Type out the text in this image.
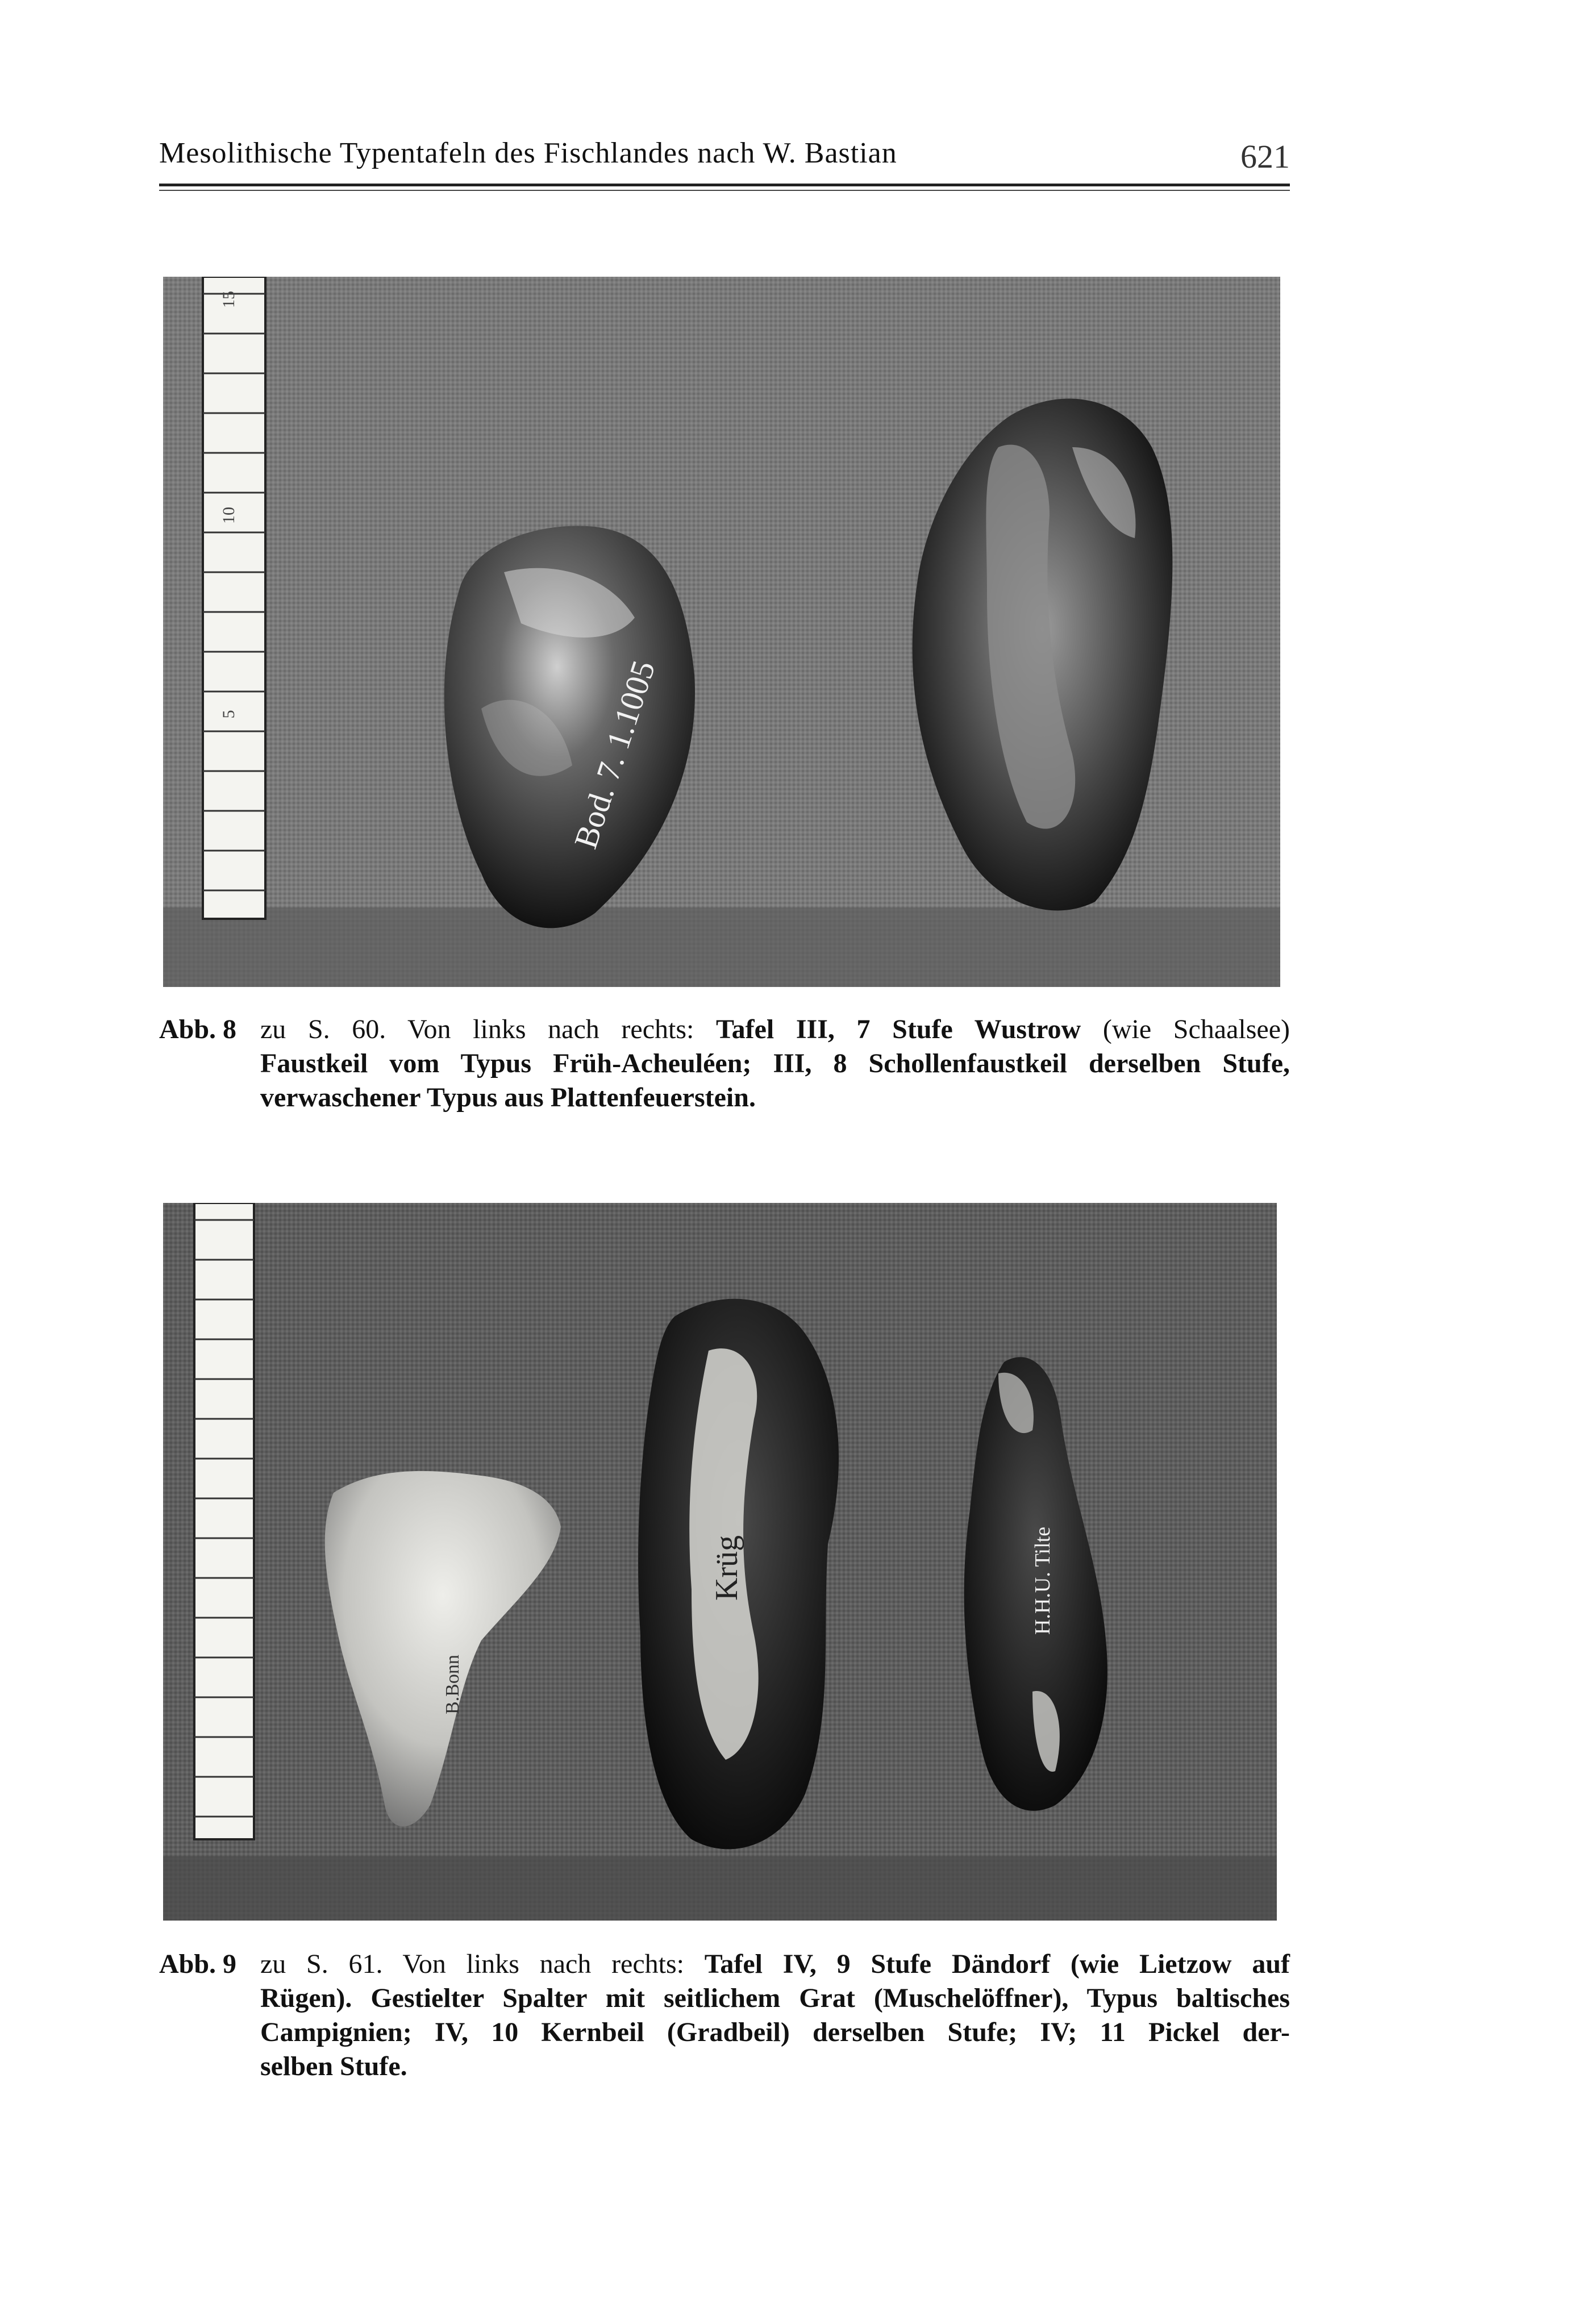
Mesolithische Typentafeln des Fischlandes nach W. Bastian	621
5
10
15
Bod. 7. 1.1005
Abb. 8 zu S. 60. Von links nach rechts: Tafel III, 7 Stufe Wustrow (wie Schaalsee)
Faustkeil vom Typus Früh-Acheuléen; III, 8 Schollenfaustkeil derselben Stufe,
verwaschener Typus aus Plattenfeuerstein.
B.Bonn
Krüg	H.H.U. Tilte
Abb. 9 zu S. 61. Von links nach rechts: Tafel IV, 9 Stufe Dändorf (wie Lietzow auf
Rügen). Gestielter Spalter mit seitlichem Grat (Muschelöffner), Typus baltisches
Campignien; IV, 10 Kernbeil (Gradbeil) derselben Stufe; IV; 11 Pickel der-
selben Stufe.
